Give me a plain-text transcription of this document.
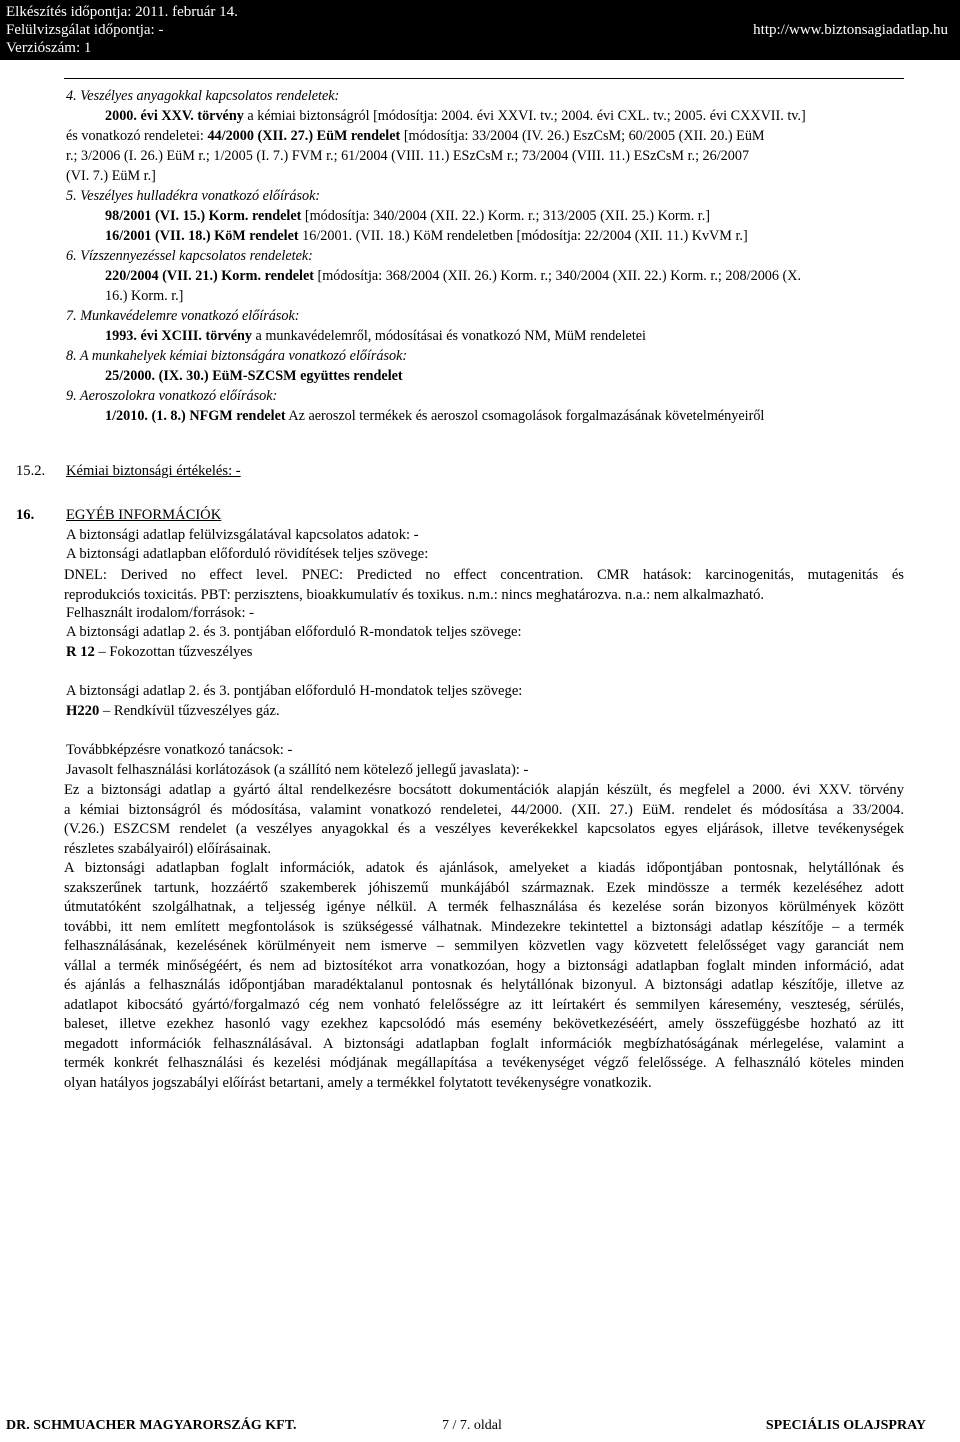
Elkészítés időpontja: 2011. február 14.
Felülvizsgálat időpontja: -
Verziószám: 1
http://www.biztonsagiadatlap.hu
4. Veszélyes anyagokkal kapcsolatos rendeletek:
2000. évi XXV. törvény a kémiai biztonságról [módosítja: 2004. évi XXVI. tv.; 2004. évi CXL. tv.; 2005. évi CXXVII. tv.]
és vonatkozó rendeletei: 44/2000 (XII. 27.) EüM rendelet [módosítja: 33/2004 (IV. 26.) EszCsM; 60/2005 (XII. 20.) EüM
r.; 3/2006 (I. 26.) EüM r.; 1/2005 (I. 7.) FVM r.; 61/2004 (VIII. 11.) ESzCsM r.; 73/2004 (VIII. 11.) ESzCsM r.; 26/2007
(VI. 7.) EüM r.]
5. Veszélyes hulladékra vonatkozó előírások:
98/2001 (VI. 15.) Korm. rendelet [módosítja: 340/2004 (XII. 22.) Korm. r.; 313/2005 (XII. 25.) Korm. r.]
16/2001 (VII. 18.) KöM rendelet 16/2001. (VII. 18.) KöM rendeletben [módosítja: 22/2004 (XII. 11.) KvVM r.]
6. Vízszennyezéssel kapcsolatos rendeletek:
220/2004 (VII. 21.) Korm. rendelet [módosítja: 368/2004 (XII. 26.) Korm. r.; 340/2004 (XII. 22.) Korm. r.; 208/2006 (X.
16.) Korm. r.]
7. Munkavédelemre vonatkozó előírások:
1993. évi XCIII. törvény a munkavédelemről, módosításai és vonatkozó NM, MüM rendeletei
8. A munkahelyek kémiai biztonságára vonatkozó előírások:
25/2000. (IX. 30.) EüM-SZCSM együttes rendelet
9. Aeroszolokra vonatkozó előírások:
1/2010. (1. 8.) NFGM rendelet Az aeroszol termékek és aeroszol csomagolások forgalmazásának követelményeiről
15.2. Kémiai biztonsági értékelés: -
16. EGYÉB INFORMÁCIÓK
A biztonsági adatlap felülvizsgálatával kapcsolatos adatok: -
A biztonsági adatlapban előforduló rövidítések teljes szövege:
DNEL: Derived no effect level. PNEC: Predicted no effect concentration. CMR hatások: karcinogenitás, mutagenitás és
reprodukciós toxicitás. PBT: perzisztens, bioakkumulatív és toxikus. n.m.: nincs meghatározva. n.a.: nem alkalmazható.
Felhasznált irodalom/források: -
A biztonsági adatlap 2. és 3. pontjában előforduló R-mondatok teljes szövege:
R 12 – Fokozottan tűzveszélyes
A biztonsági adatlap 2. és 3. pontjában előforduló H-mondatok teljes szövege:
H220 – Rendkívül tűzveszélyes gáz.
Továbbképzésre vonatkozó tanácsok: -
Javasolt felhasználási korlátozások (a szállító nem kötelező jellegű javaslata): -
Ez a biztonsági adatlap a gyártó által rendelkezésre bocsátott dokumentációk alapján készült, és megfelel a 2000. évi XXV. törvény
a kémiai biztonságról és módosítása, valamint vonatkozó rendeletei, 44/2000. (XII. 27.) EüM. rendelet és módosítása a 33/2004.
(V.26.) ESZCSM rendelet (a veszélyes anyagokkal és a veszélyes keverékekkel kapcsolatos egyes eljárások, illetve tevékenységek
részletes szabályairól) előírásainak.
A biztonsági adatlapban foglalt információk, adatok és ajánlások, amelyeket a kiadás időpontjában pontosnak, helytállónak és
szakszerűnek tartunk, hozzáértő szakemberek jóhiszemű munkájából származnak. Ezek mindössze a termék kezeléséhez adott
útmutatóként szolgálhatnak, a teljesség igénye nélkül. A termék felhasználása és kezelése során bizonyos körülmények között
további, itt nem említett megfontolások is szükségessé válhatnak. Mindezekre tekintettel a biztonsági adatlap készítője – a termék
felhasználásának, kezelésének körülményeit nem ismerve – semmilyen közvetlen vagy közvetett felelősséget vagy garanciát nem
vállal a termék minőségéért, és nem ad biztosítékot arra vonatkozóan, hogy a biztonsági adatlapban foglalt minden információ, adat
és ajánlás a felhasználás időpontjában maradéktalanul pontosnak és helytállónak bizonyul. A biztonsági adatlap készítője, illetve az
adatlapot kibocsátó gyártó/forgalmazó cég nem vonható felelősségre az itt leírtakért és semmilyen káresemény, veszteség, sérülés,
baleset, illetve ezekhez hasonló vagy ezekhez kapcsolódó más esemény bekövetkezéséért, amely összefüggésbe hozható az itt
megadott információk felhasználásával. A biztonsági adatlapban foglalt információk megbízhatóságának mérlegelése, valamint a
termék konkrét felhasználási és kezelési módjának megállapítása a tevékenységet végző felelőssége. A felhasználó köteles minden
olyan hatályos jogszabályi előírást betartani, amely a termékkel folytatott tevékenységre vonatkozik.
DR. SCHMUACHER MAGYARORSZÁG KFT.	7 / 7. oldal	SPECIÁLIS OLAJSPRAY
